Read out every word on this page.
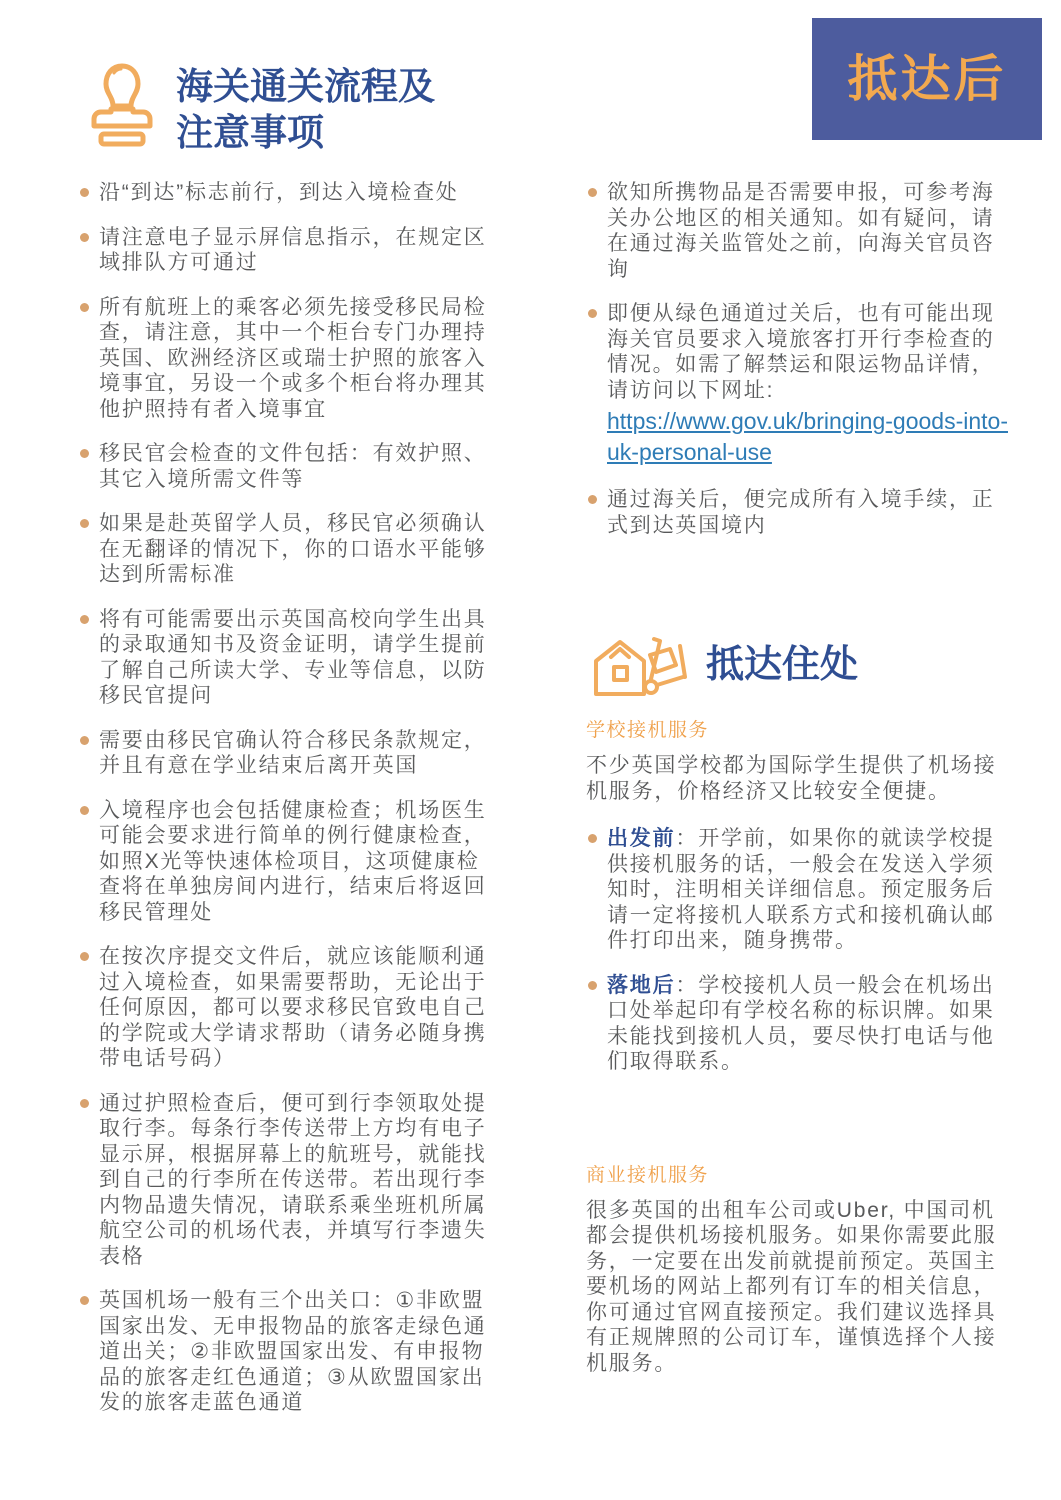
抵达后
海关通关流程及
注意事项
沿“到达”标志前行，到达入境检查处
请注意电子显示屏信息指示，在规定区域排队方可通过
所有航班上的乘客必须先接受移民局检查，请注意，其中一个柜台专门办理持英国、欧洲经济区或瑞士护照的旅客入境事宜，另设一个或多个柜台将办理其他护照持有者入境事宜
移民官会检查的文件包括：有效护照、其它入境所需文件等
如果是赴英留学人员，移民官必须确认在无翻译的情况下，你的口语水平能够达到所需标准
将有可能需要出示英国高校向学生出具的录取通知书及资金证明，请学生提前了解自己所读大学、专业等信息，以防移民官提问
需要由移民官确认符合移民条款规定，并且有意在学业结束后离开英国
入境程序也会包括健康检查；机场医生可能会要求进行简单的例行健康检查，如照X光等快速体检项目，这项健康检查将在单独房间内进行，结束后将返回移民管理处
在按次序提交文件后，就应该能顺利通过入境检查，如果需要帮助，无论出于任何原因，都可以要求移民官致电自己的学院或大学请求帮助（请务必随身携带电话号码）
通过护照检查后，便可到行李领取处提取行李。每条行李传送带上方均有电子显示屏，根据屏幕上的航班号，就能找到自己的行李所在传送带。若出现行李内物品遗失情况，请联系乘坐班机所属航空公司的机场代表，并填写行李遗失表格
英国机场一般有三个出关口：①非欧盟国家出发、无申报物品的旅客走绿色通道出关；②非欧盟国家出发、有申报物品的旅客走红色通道；③从欧盟国家出发的旅客走蓝色通道
欲知所携物品是否需要申报，可参考海关办公地区的相关通知。如有疑问，请在通过海关监管处之前，向海关官员咨询
即便从绿色通道过关后，也有可能出现海关官员要求入境旅客打开行李检查的情况。如需了解禁运和限运物品详情，请访问以下网址:
https://www.gov.uk/bringing-goods-into-uk-personal-use
通过海关后，便完成所有入境手续，正式到达英国境内
抵达住处
学校接机服务

不少英国学校都为国际学生提供了机场接机服务，价格经济又比较安全便捷。

出发前：开学前，如果你的就读学校提供接机服务的话，一般会在发送入学须知时，注明相关详细信息。预定服务后请一定将接机人联系方式和接机确认邮件打印出来，随身携带。
落地后：学校接机人员一般会在机场出口处举起印有学校名称的标识牌。如果未能找到接机人员，要尽快打电话与他们取得联系。
商业接机服务

很多英国的出租车公司或Uber, 中国司机都会提供机场接机服务。如果你需要此服务，一定要在出发前就提前预定。英国主要机场的网站上都列有订车的相关信息，你可通过官网直接预定。我们建议选择具有正规牌照的公司订车，谨慎选择个人接机服务。
